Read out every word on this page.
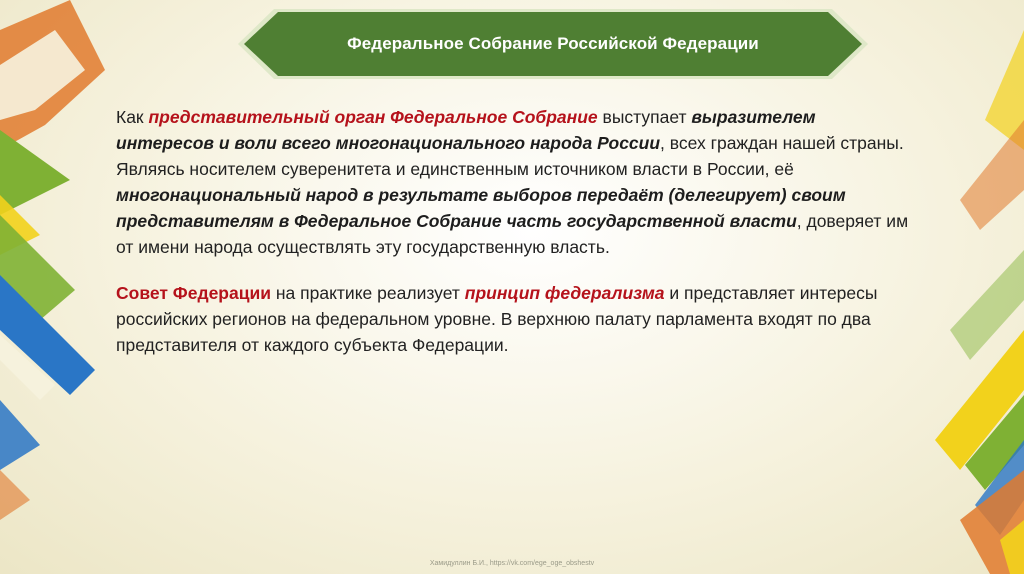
Федеральное Собрание Российской Федерации

Как представительный орган Федеральное Собрание выступает выразителем интересов и воли всего многонационального народа России, всех граждан нашей страны. Являясь носителем суверенитета и единственным источником власти в России, её многонациональный народ в результате выборов передаёт (делегирует) своим представителям в Федеральное Собрание часть государственной власти, доверяет им от имени народа осуществлять эту государственную власть.

Совет Федерации на практике реализует принцип федерализма и представляет интересы российских регионов на федеральном уровне. В верхнюю палату парламента входят по два представителя от каждого субъекта Федерации.

Хамидуллин Б.И., https://vk.com/ege_oge_obshestv
